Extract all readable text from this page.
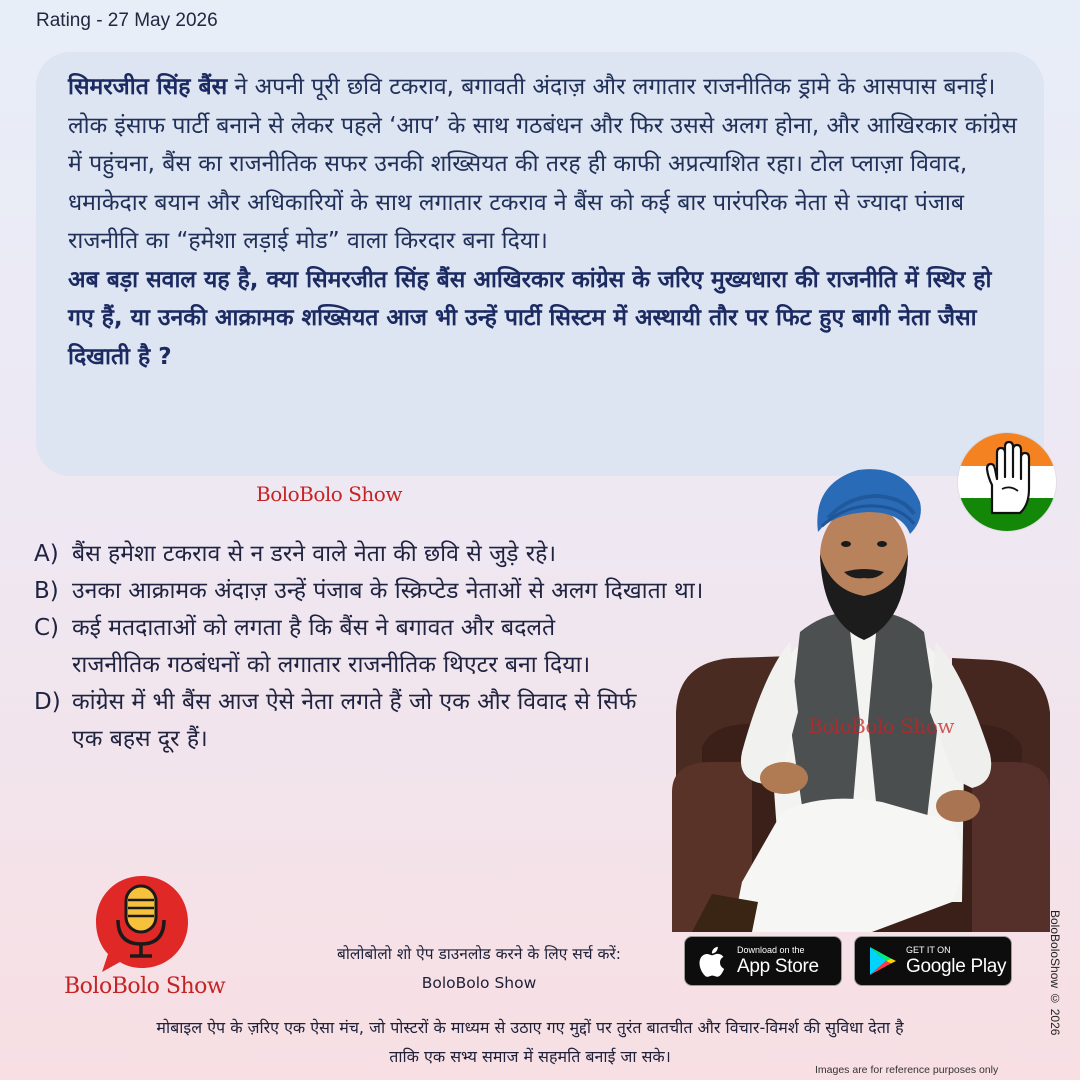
Rating - 27 May 2026

सिमरजीत सिंह बैंस ने अपनी पूरी छवि टकराव, बगावती अंदाज़ और लगातार राजनीतिक ड्रामे के आसपास बनाई। लोक इंसाफ पार्टी बनाने से लेकर पहले ‘आप’ के साथ गठबंधन और फिर उससे अलग होना, और आखिरकार कांग्रेस में पहुंचना, बैंस का राजनीतिक सफर उनकी शख्सियत की तरह ही काफी अप्रत्याशित रहा। टोल प्लाज़ा विवाद, धमाकेदार बयान और अधिकारियों के साथ लगातार टकराव ने बैंस को कई बार पारंपरिक नेता से ज्यादा पंजाब राजनीति का “हमेशा लड़ाई मोड” वाला किरदार बना दिया।

अब बड़ा सवाल यह है, क्या सिमरजीत सिंह बैंस आखिरकार कांग्रेस के जरिए मुख्यधारा की राजनीति में स्थिर हो गए हैं, या उनकी आक्रामक शख्सियत आज भी उन्हें पार्टी सिस्टम में अस्थायी तौर पर फिट हुए बागी नेता जैसा दिखाती है ?

BoloBolo Show
A) बैंस हमेशा टकराव से न डरने वाले नेता की छवि से जुड़े रहे।
B) उनका आक्रामक अंदाज़ उन्हें पंजाब के स्क्रिप्टेड नेताओं से अलग दिखाता था।
C) कई मतदाताओं को लगता है कि बैंस ने बगावत और बदलते राजनीतिक गठबंधनों को लगातार राजनीतिक थिएटर बना दिया।
D) कांग्रेस में भी बैंस आज ऐसे नेता लगते हैं जो एक और विवाद से सिर्फ एक बहस दूर हैं।	BoloBolo Show
BoloBolo Show
बोलोबोलो शो ऐप डाउनलोड करने के लिए सर्च करें:
BoloBolo Show
Download on the
App Store
GET IT ON
Google Play
मोबाइल ऐप के ज़रिए एक ऐसा मंच, जो पोस्टरों के माध्यम से उठाए गए मुद्दों पर तुरंत बातचीत और विचार-विमर्श की सुविधा देता है
ताकि एक सभ्य समाज में सहमति बनाई जा सके।
Images are for reference purposes only
BoloBoloShow © 2026
